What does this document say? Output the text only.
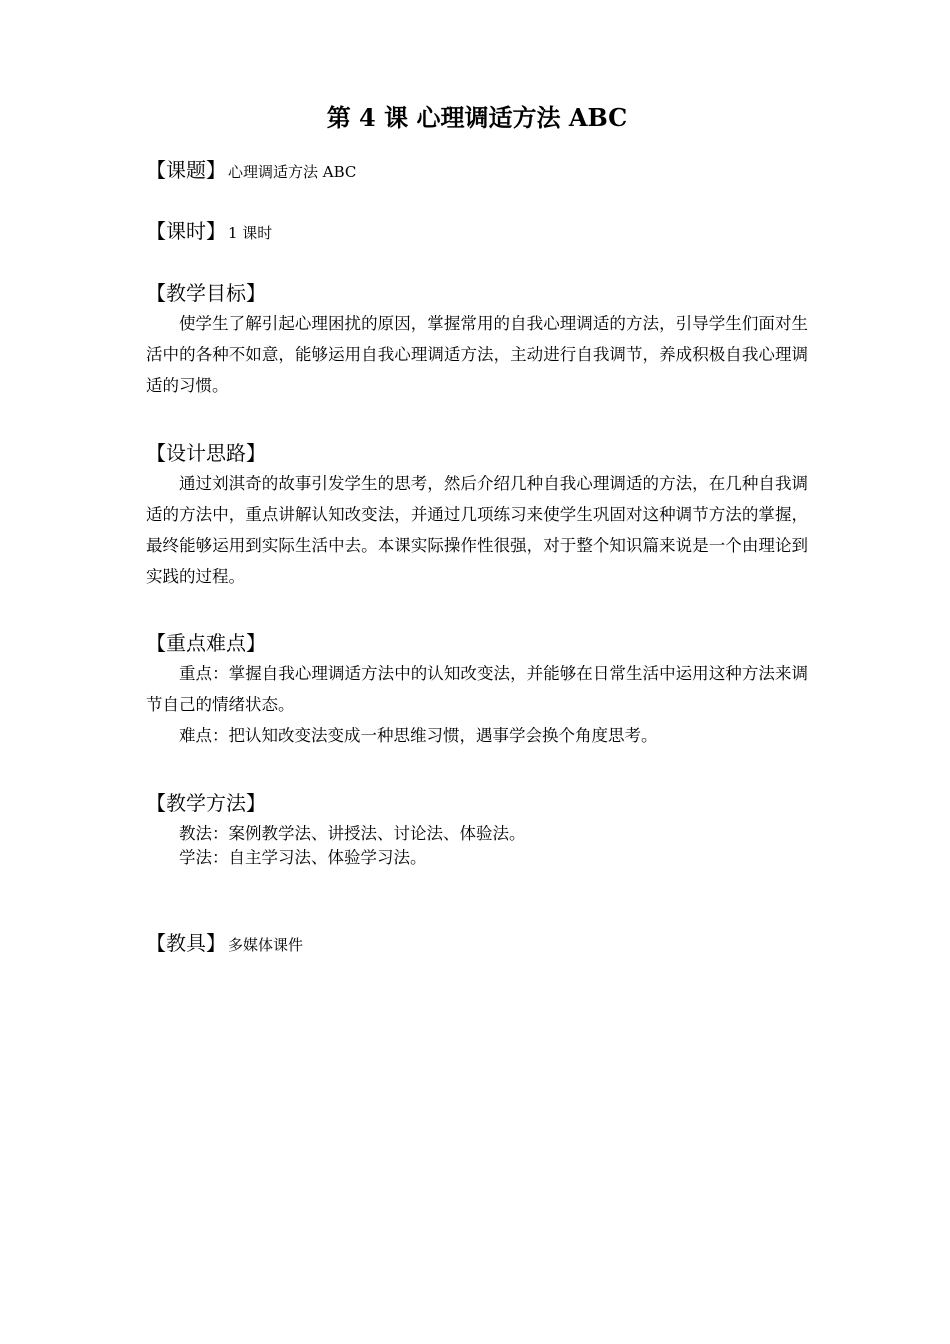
第 4 课 心理调适方法 ABC
【课题】 心理调适方法 ABC
【课时】 1 课时
【教学目标】

使学生了解引起心理困扰的原因，掌握常用的自我心理调适的方法，引导学生们面对生活中的各种不如意，能够运用自我心理调适方法，主动进行自我调节，养成积极自我心理调适的习惯。

【设计思路】

通过刘淇奇的故事引发学生的思考，然后介绍几种自我心理调适的方法，在几种自我调适的方法中，重点讲解认知改变法，并通过几项练习来使学生巩固对这种调节方法的掌握，最终能够运用到实际生活中去。本课实际操作性很强，对于整个知识篇来说是一个由理论到实践的过程。

【重点难点】

重点：掌握自我心理调适方法中的认知改变法，并能够在日常生活中运用这种方法来调节自己的情绪状态。

难点：把认知改变法变成一种思维习惯，遇事学会换个角度思考。

【教学方法】

教法：案例教学法、讲授法、讨论法、体验法。

学法：自主学习法、体验学习法。

【教具】 多媒体课件
